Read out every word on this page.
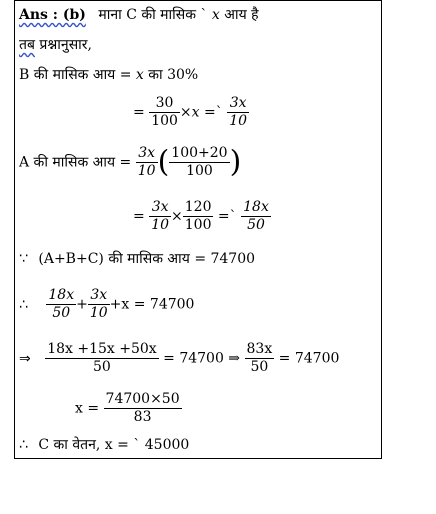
Ans : (b) माना C की मासिक ` x आय है
तब प्रश्नानुसार,
B की मासिक आय = x का 30%
= $\frac{30}{100} \times x$ =` $\frac{3x}{10}$
A की मासिक आय = $\frac{3x}{10}$ ( $\frac{100+20}{100}$ )
= $\frac{3x}{10} \times \frac{120}{100}$ =` $\frac{18x}{50}$
∵ (A+B+C) की मासिक आय = 74700
∴ $\frac{18x}{50} + \frac{3x}{10} +x = 74700$
⇒ $\frac{18x +15x +50x}{50} = 74700$ ⇒ $\frac{83x}{50} = 74700$
$x = \frac{74700\times 50}{83}$
∴ C का वेतन, x = ` 45000
